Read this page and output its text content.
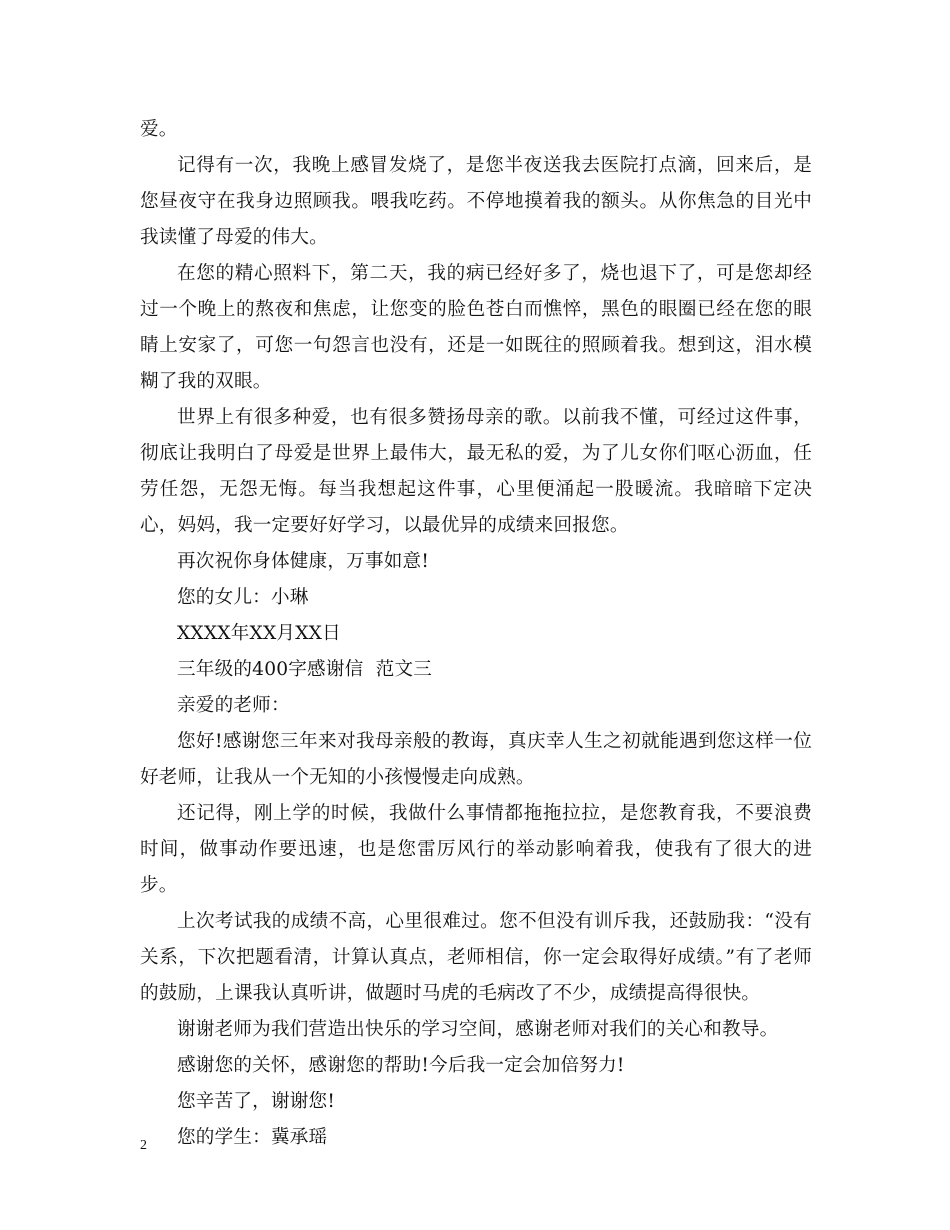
爱。

记得有一次，我晚上感冒发烧了，是您半夜送我去医院打点滴，回来后，是您昼夜守在我身边照顾我。喂我吃药。不停地摸着我的额头。从你焦急的目光中我读懂了母爱的伟大。

在您的精心照料下，第二天，我的病已经好多了，烧也退下了，可是您却经过一个晚上的熬夜和焦虑，让您变的脸色苍白而憔悴，黑色的眼圈已经在您的眼睛上安家了，可您一句怨言也没有，还是一如既往的照顾着我。想到这，泪水模糊了我的双眼。

世界上有很多种爱，也有很多赞扬母亲的歌。以前我不懂，可经过这件事，彻底让我明白了母爱是世界上最伟大，最无私的爱，为了儿女你们呕心沥血，任劳任怨，无怨无悔。每当我想起这件事，心里便涌起一股暖流。我暗暗下定决心，妈妈，我一定要好好学习，以最优异的成绩来回报您。

再次祝你身体健康，万事如意!

您的女儿：小琳

XXXX年XX月XX日

三年级的400字感谢信  范文三

亲爱的老师：

您好!感谢您三年来对我母亲般的教诲，真庆幸人生之初就能遇到您这样一位好老师，让我从一个无知的小孩慢慢走向成熟。

还记得，刚上学的时候，我做什么事情都拖拖拉拉，是您教育我，不要浪费时间，做事动作要迅速，也是您雷厉风行的举动影响着我，使我有了很大的进步。

上次考试我的成绩不高，心里很难过。您不但没有训斥我，还鼓励我：“没有关系，下次把题看清，计算认真点，老师相信，你一定会取得好成绩。”有了老师的鼓励，上课我认真听讲，做题时马虎的毛病改了不少，成绩提高得很快。

谢谢老师为我们营造出快乐的学习空间，感谢老师对我们的关心和教导。

感谢您的关怀，感谢您的帮助!今后我一定会加倍努力!

您辛苦了，谢谢您!

您的学生：冀承瑶

2
